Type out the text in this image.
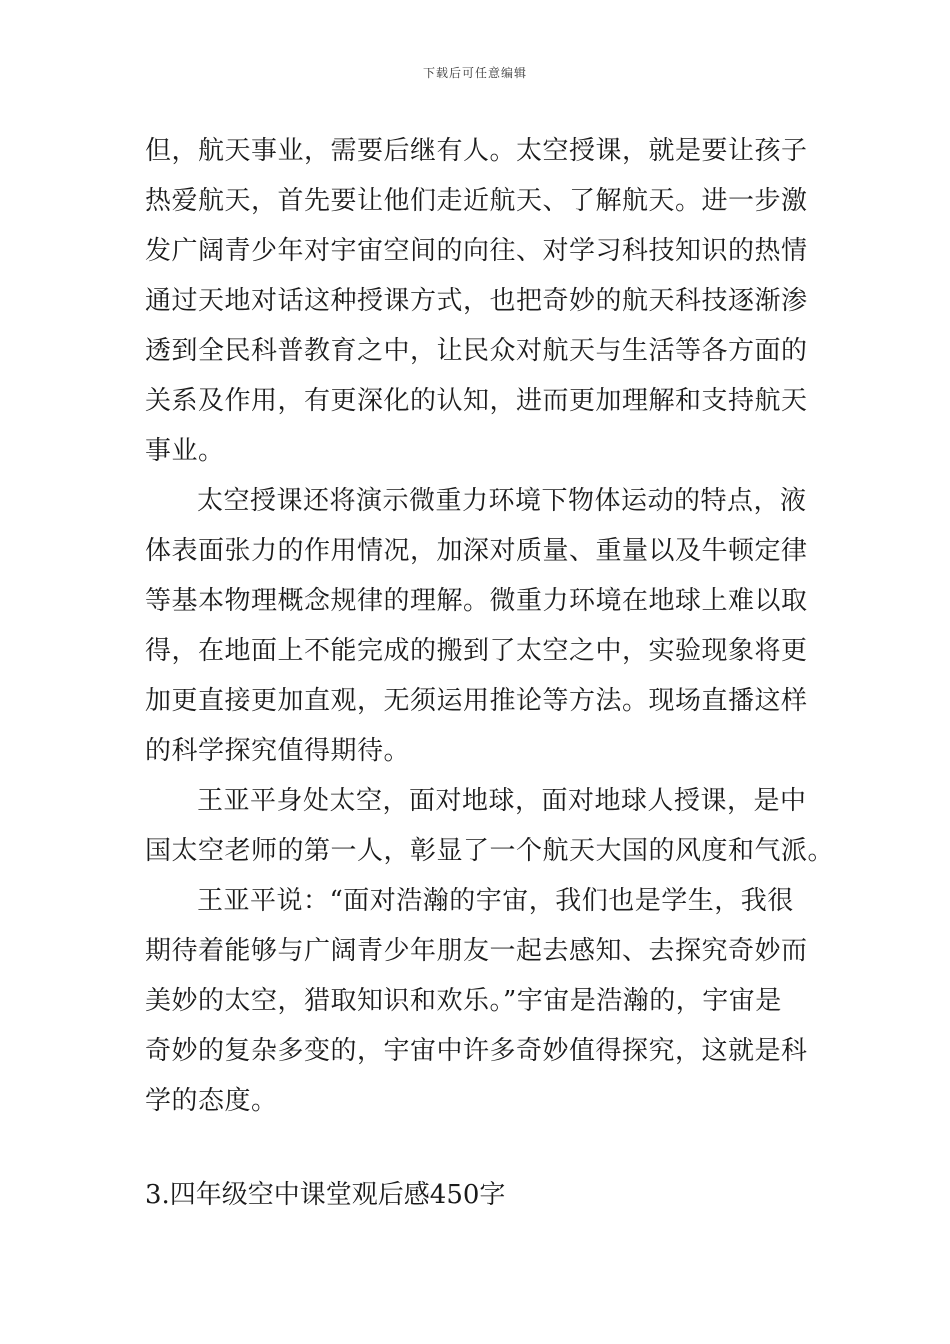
下载后可任意编辑
但，航天事业，需要后继有人。太空授课，就是要让孩子
热爱航天，首先要让他们走近航天、了解航天。进一步激
发广阔青少年对宇宙空间的向往、对学习科技知识的热情
通过天地对话这种授课方式，也把奇妙的航天科技逐渐渗
透到全民科普教育之中，让民众对航天与生活等各方面的
关系及作用，有更深化的认知，进而更加理解和支持航天
事业。
太空授课还将演示微重力环境下物体运动的特点，液
体表面张力的作用情况，加深对质量、重量以及牛顿定律
等基本物理概念规律的理解。微重力环境在地球上难以取
得，在地面上不能完成的搬到了太空之中，实验现象将更
加更直接更加直观，无须运用推论等方法。现场直播这样
的科学探究值得期待。
王亚平身处太空，面对地球，面对地球人授课，是中
国太空老师的第一人，彰显了一个航天大国的风度和气派。
王亚平说：“面对浩瀚的宇宙，我们也是学生，我很
期待着能够与广阔青少年朋友一起去感知、去探究奇妙而
美妙的太空，猎取知识和欢乐。”宇宙是浩瀚的，宇宙是
奇妙的复杂多变的，宇宙中许多奇妙值得探究，这就是科
学的态度。
3.四年级空中课堂观后感450字
